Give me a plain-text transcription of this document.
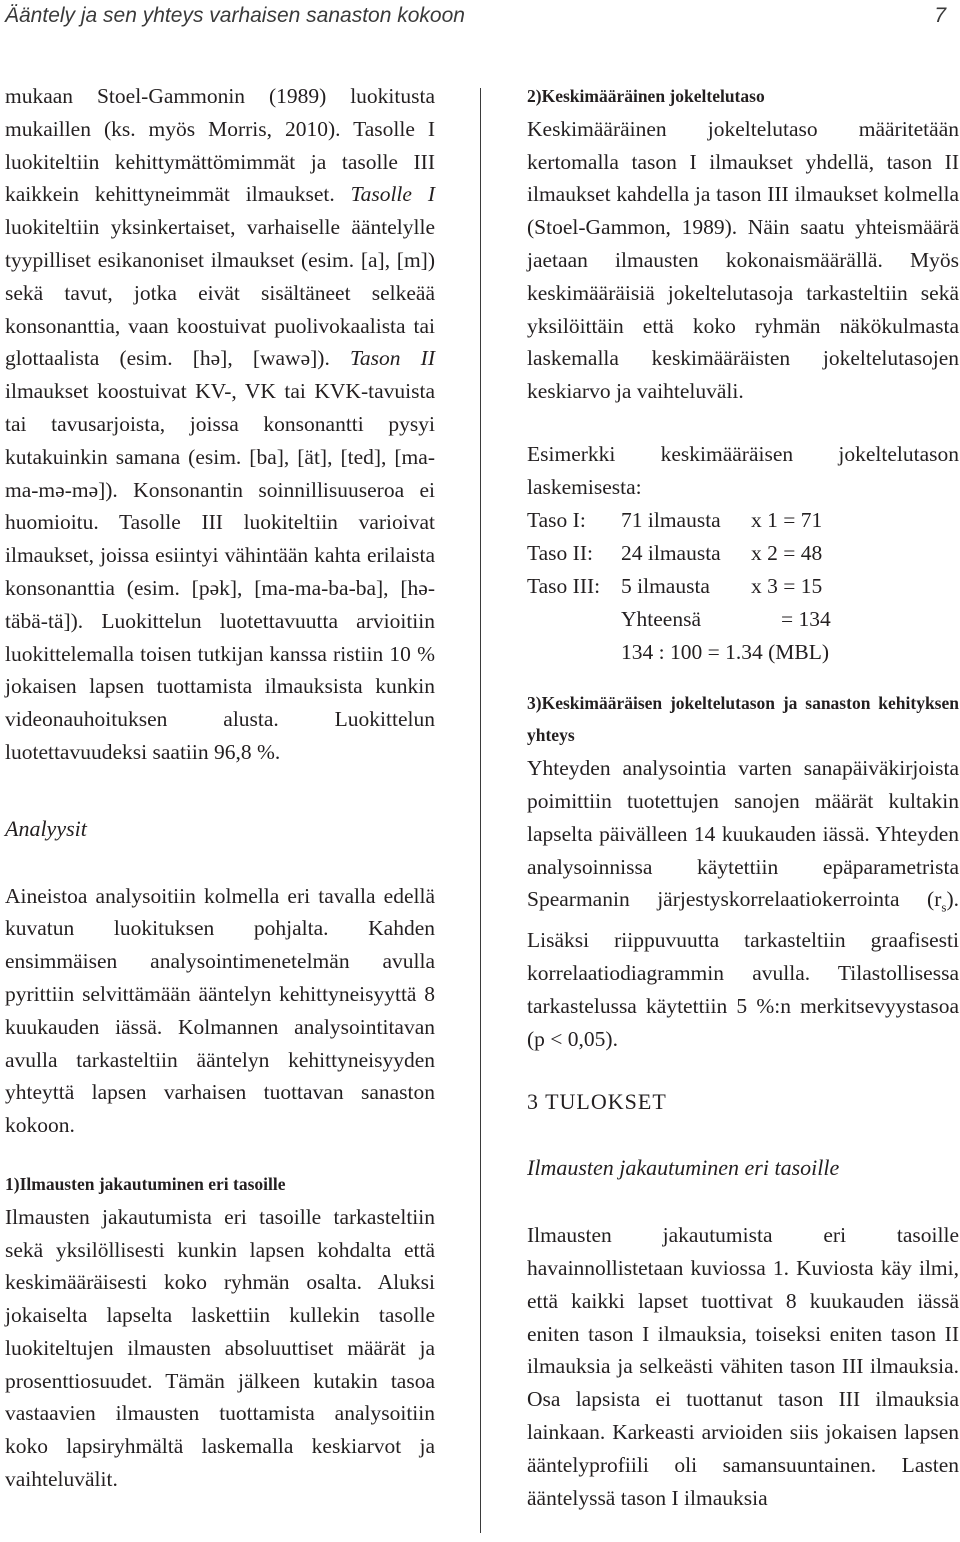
Ääntely ja sen yhteys varhaisen sanaston kokoon	7

mukaan Stoel-Gammonin (1989) luokitusta mukaillen (ks. myös Morris, 2010). Tasolle I luokiteltiin kehittymättömimmät ja tasolle III kaikkein kehittyneimmät ilmaukset. Tasolle I luokiteltiin yksinkertaiset, varhaiselle ääntelylle tyypilliset esikanoniset ilmaukset (esim. [a], [m]) sekä tavut, jotka eivät sisältäneet selkeää konsonanttia, vaan koostuivat puolivokaalista tai glottaalista (esim. [hə], [wawə]). Tason II ilmaukset koostuivat KV-, VK tai KVK-tavuista tai tavusarjoista, joissa konsonantti pysyi kutakuinkin samana (esim. [ba], [ät], [ted], [ma-ma-mə-mə]). Konsonantin soinnillisuuseroa ei huomioitu. Tasolle III luokiteltiin varioivat ilmaukset, joissa esiintyi vähintään kahta erilaista konsonanttia (esim. [pək], [ma-ma-ba-ba], [hə-täbä-tä]). Luokittelun luotettavuutta arvioitiin luokittelemalla toisen tutkijan kanssa ristiin 10 % jokaisen lapsen tuottamista ilmauksista kunkin videonauhoituksen alusta. Luokittelun luotettavuudeksi saatiin 96,8 %.

Analyysit

Aineistoa analysoitiin kolmella eri tavalla edellä kuvatun luokituksen pohjalta. Kahden ensimmäisen analysointimenetelmän avulla pyrittiin selvittämään ääntelyn kehittyneisyyttä 8 kuukauden iässä. Kolmannen analysointitavan avulla tarkasteltiin ääntelyn kehittyneisyyden yhteyttä lapsen varhaisen tuottavan sanaston kokoon.

1)Ilmausten jakautuminen eri tasoille

Ilmausten jakautumista eri tasoille tarkasteltiin sekä yksilöllisesti kunkin lapsen kohdalta että keskimääräisesti koko ryhmän osalta. Aluksi jokaiselta lapselta laskettiin kullekin tasolle luokiteltujen ilmausten absoluuttiset määrät ja prosenttiosuudet. Tämän jälkeen kutakin tasoa vastaavien ilmausten tuottamista analysoitiin koko lapsiryhmältä laskemalla keskiarvot ja vaihteluvälit.

2)Keskimääräinen jokeltelutaso

Keskimääräinen jokeltelutaso määritetään kertomalla tason I ilmaukset yhdellä, tason II ilmaukset kahdella ja tason III ilmaukset kolmella (Stoel-Gammon, 1989). Näin saatu yhteismäärä jaetaan ilmausten kokonaismäärällä. Myös keskimääräisiä jokeltelutasoja tarkasteltiin sekä yksilöittäin että koko ryhmän näkökulmasta laskemalla keskimääräisten jokeltelutasojen keskiarvo ja vaihteluväli.

Esimerkki keskimääräisen jokeltelutason laskemisesta:

Taso I:	71 ilmausta	x 1 = 71
Taso II:	24 ilmausta	x 2 = 48
Taso III: 5 ilmausta	x 3 = 15
Yhteensä	= 134
134 : 100 = 1.34 (MBL)

3)Keskimääräisen jokeltelutason ja sanaston kehityksen yhteys

Yhteyden analysointia varten sanapäiväkirjoista poimittiin tuotettujen sanojen määrät kultakin lapselta päivälleen 14 kuukauden iässä. Yhteyden analysoinnissa käytettiin epäparametrista Spearmanin järjestyskorrelaatiokerrointa $(r_s)$. Lisäksi riippuvuutta tarkasteltiin graafisesti korrelaatiodiagrammin avulla. Tilastollisessa tarkastelussa käytettiin 5 %:n merkitsevyystasoa (p < 0,05).

3 TULOKSET

Ilmausten jakautuminen eri tasoille

Ilmausten jakautumista eri tasoille havainnollistetaan kuviossa 1. Kuviosta käy ilmi, että kaikki lapset tuottivat 8 kuukauden iässä eniten tason I ilmauksia, toiseksi eniten tason II ilmauksia ja selkeästi vähiten tason III ilmauksia. Osa lapsista ei tuottanut tason III ilmauksia lainkaan. Karkeasti arvioiden siis jokaisen lapsen ääntelyprofiili oli samansuuntainen. Lasten ääntelyssä tason I ilmauksia
